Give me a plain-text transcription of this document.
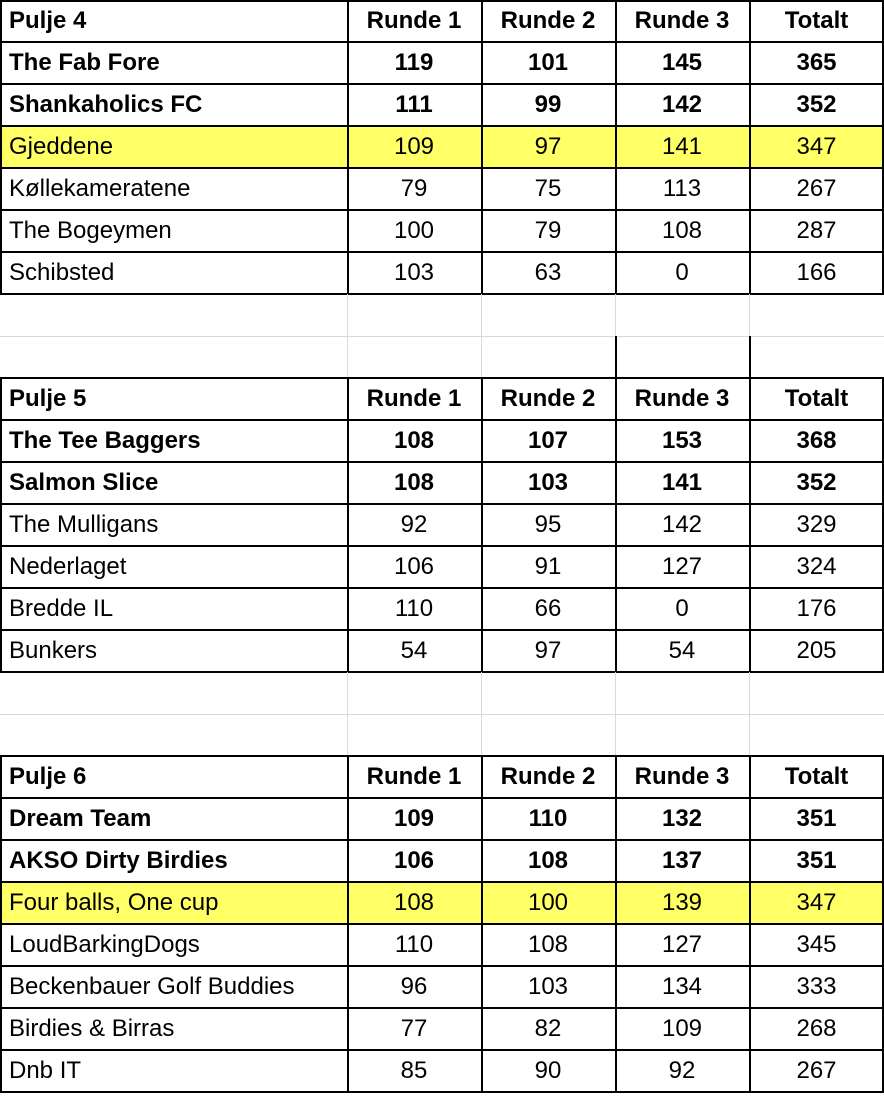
Pulje 4	Runde 1	Runde 2	Runde 3	Totalt
The Fab Fore	119	101	145	365
Shankaholics FC	111	99	142	352
Gjeddene	109	97	141	347
Køllekameratene	79	75	113	267
The Bogeymen	100	79	108	287
Schibsted	103	63	0	166
Pulje 5	Runde 1	Runde 2	Runde 3	Totalt
The Tee Baggers	108	107	153	368
Salmon Slice	108	103	141	352
The Mulligans	92	95	142	329
Nederlaget	106	91	127	324
Bredde IL	110	66	0	176
Bunkers	54	97	54	205
Pulje 6	Runde 1	Runde 2	Runde 3	Totalt
Dream Team	109	110	132	351
AKSO Dirty Birdies	106	108	137	351
Four balls, One cup	108	100	139	347
LoudBarkingDogs	110	108	127	345
Beckenbauer Golf Buddies	96	103	134	333
Birdies & Birras	77	82	109	268
Dnb IT	85	90	92	267
